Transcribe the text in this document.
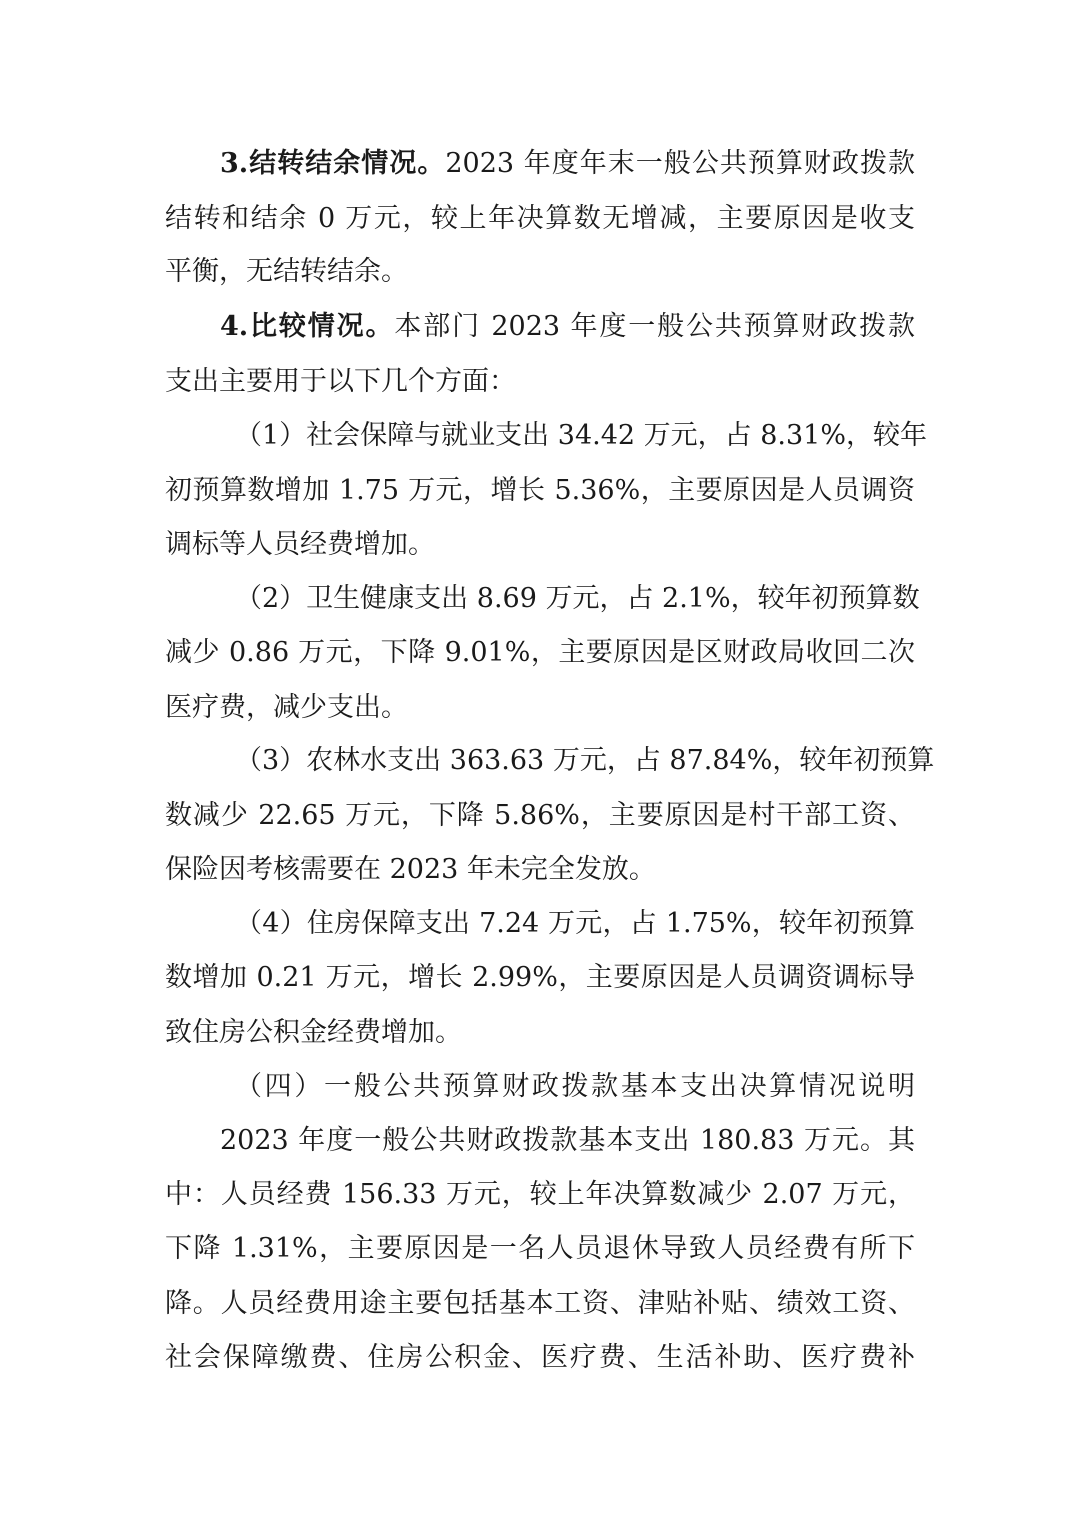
3.结转结余情况。2023 年度年末一般公共预算财政拨款
结转和结余 0 万元，较上年决算数无增减，主要原因是收支
平衡，无结转结余。
4.比较情况。本部门 2023 年度一般公共预算财政拨款
支出主要用于以下几个方面：
（1）社会保障与就业支出 34.42 万元，占 8.31%，较年
初预算数增加 1.75 万元，增长 5.36%，主要原因是人员调资
调标等人员经费增加。
（2）卫生健康支出 8.69 万元，占 2.1%，较年初预算数
减少 0.86 万元，下降 9.01%，主要原因是区财政局收回二次
医疗费，减少支出。
（3）农林水支出 363.63 万元，占 87.84%，较年初预算
数减少 22.65 万元，下降 5.86%，主要原因是村干部工资、
保险因考核需要在 2023 年未完全发放。
（4）住房保障支出 7.24 万元，占 1.75%，较年初预算
数增加 0.21 万元，增长 2.99%，主要原因是人员调资调标导
致住房公积金经费增加。
（四）一般公共预算财政拨款基本支出决算情况说明
2023 年度一般公共财政拨款基本支出 180.83 万元。其
中：人员经费 156.33 万元，较上年决算数减少 2.07 万元，
下降 1.31%，主要原因是一名人员退休导致人员经费有所下
降。人员经费用途主要包括基本工资、津贴补贴、绩效工资、
社会保障缴费、住房公积金、医疗费、生活补助、医疗费补
